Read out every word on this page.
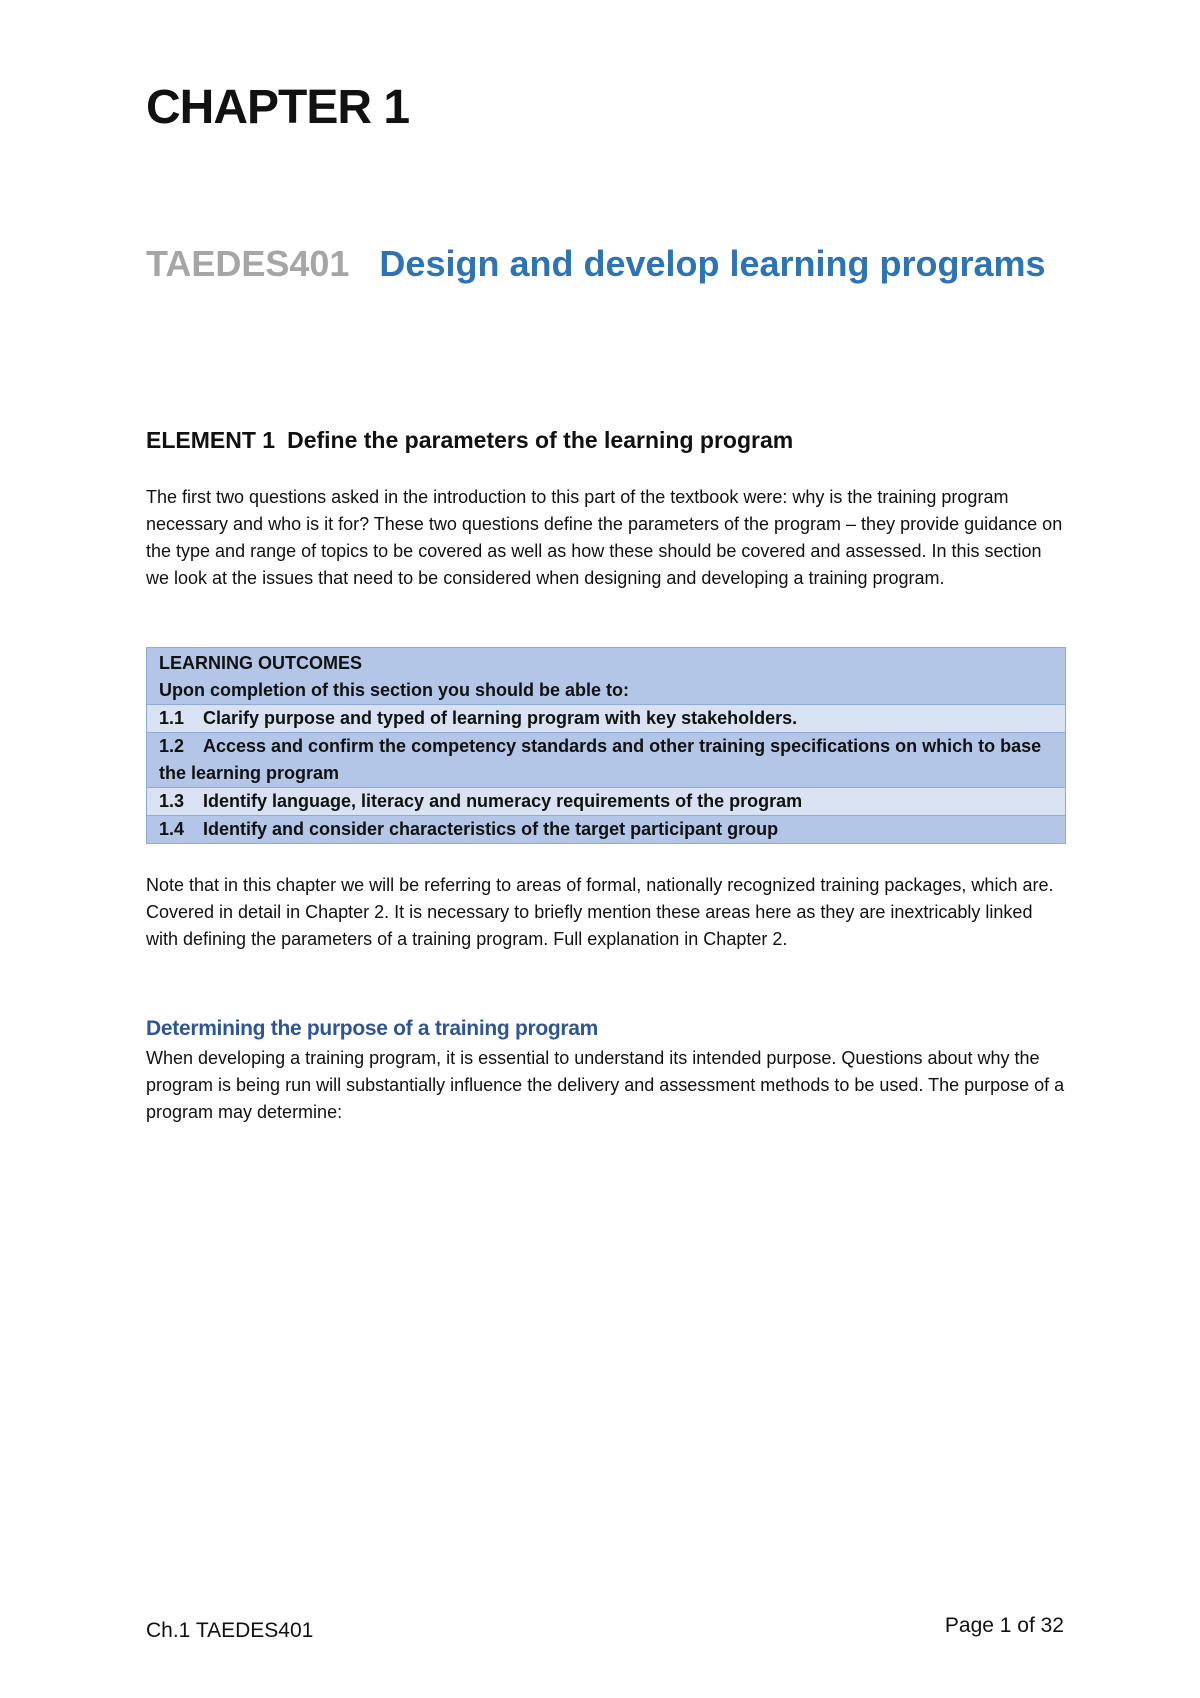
CHAPTER 1
TAEDES401 Design and develop learning programs
ELEMENT 1 Define the parameters of the learning program

The first two questions asked in the introduction to this part of the textbook were: why is the training program necessary and who is it for? These two questions define the parameters of the program – they provide guidance on the type and range of topics to be covered as well as how these should be covered and assessed. In this section we look at the issues that need to be considered when designing and developing a training program.

LEARNING OUTCOMES
Upon completion of this section you should be able to:
1.1 Clarify purpose and typed of learning program with key stakeholders.
1.2 Access and confirm the competency standards and other training specifications on which to base the learning program
1.3 Identify language, literacy and numeracy requirements of the program
1.4 Identify and consider characteristics of the target participant group

Note that in this chapter we will be referring to areas of formal, nationally recognized training packages, which are. Covered in detail in Chapter 2. It is necessary to briefly mention these areas here as they are inextricably linked with defining the parameters of a training program. Full explanation in Chapter 2.

Determining the purpose of a training program

When developing a training program, it is essential to understand its intended purpose. Questions about why the program is being run will substantially influence the delivery and assessment methods to be used. The purpose of a program may determine:

Ch.1 TAEDES401	Page 1 of 32
